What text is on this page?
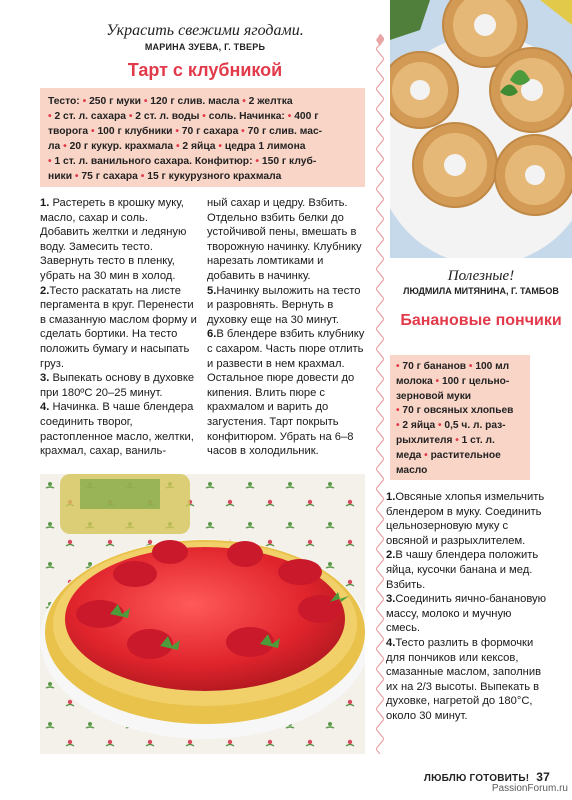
Украсить свежими ягодами.
МАРИНА ЗУЕВА, Г. ТВЕРЬ
Тарт с клубникой
Тесто: • 250 г муки • 120 г слив. масла • 2 желтка
• 2 ст. л. сахара • 2 ст. л. воды • соль. Начинка: • 400 г
творога • 100 г клубники • 70 г сахара • 70 г слив. мас-
ла • 20 г кукур. крахмала • 2 яйца • цедра 1 лимона
• 1 ст. л. ванильного сахара. Конфитюр: • 150 г клуб-
ники • 75 г сахара • 15 г кукурузного крахмала
1. Растереть в крошку муку, масло, сахар и соль. Добавить желтки и ледяную воду. Замесить тесто. Завернуть тесто в пленку, убрать на 30 мин в холод.
2.Тесто раскатать на листе пергамента в круг. Перенести в смазанную маслом форму и сделать бортики. На тесто положить бумагу и насыпать груз.
3. Выпекать основу в духовке при 180ºС 20–25 минут.
4. Начинка. В чаше блендера соединить творог, растопленное масло, желтки, крахмал, сахар, ваниль-
ный сахар и цедру. Взбить. Отдельно взбить белки до устойчивой пены, вмешать в творожную начинку. Клубнику нарезать ломтиками и добавить в начинку.
5.Начинку выложить на тесто и разровнять. Вернуть в духовку еще на 30 минут.
6.В блендере взбить клубнику с сахаром. Часть пюре отлить и развести в нем крахмал. Остальное пюре довести до кипения. Влить пюре с крахмалом и варить до загустения. Тарт покрыть конфитюром. Убрать на 6–8 часов в холодильник.
Полезные!
ЛЮДМИЛА МИТЯНИНА, Г. ТАМБОВ
Банановые пончики
• 70 г бананов • 100 мл
молока • 100 г цельно-
зерновой муки
• 70 г овсяных хлопьев
• 2 яйца • 0,5 ч. л. раз-
рыхлителя • 1 ст. л.
меда • растительное
масло
1.Овсяные хлопья измельчить блендером в муку. Соединить цельнозерновую муку с овсяной и разрыхлителем.
2.В чашу блендера положить яйца, кусочки банана и мед. Взбить.
3.Соединить яично-банановую массу, молоко и мучную смесь.
4.Тесто разлить в формочки для пончиков или кексов, смазанные маслом, заполнив их на 2/3 высоты. Выпекать в духовке, нагретой до 180°С, около 30 минут.
ЛЮБЛЮ ГОТОВИТЬ! 37
PassionForum.ru
